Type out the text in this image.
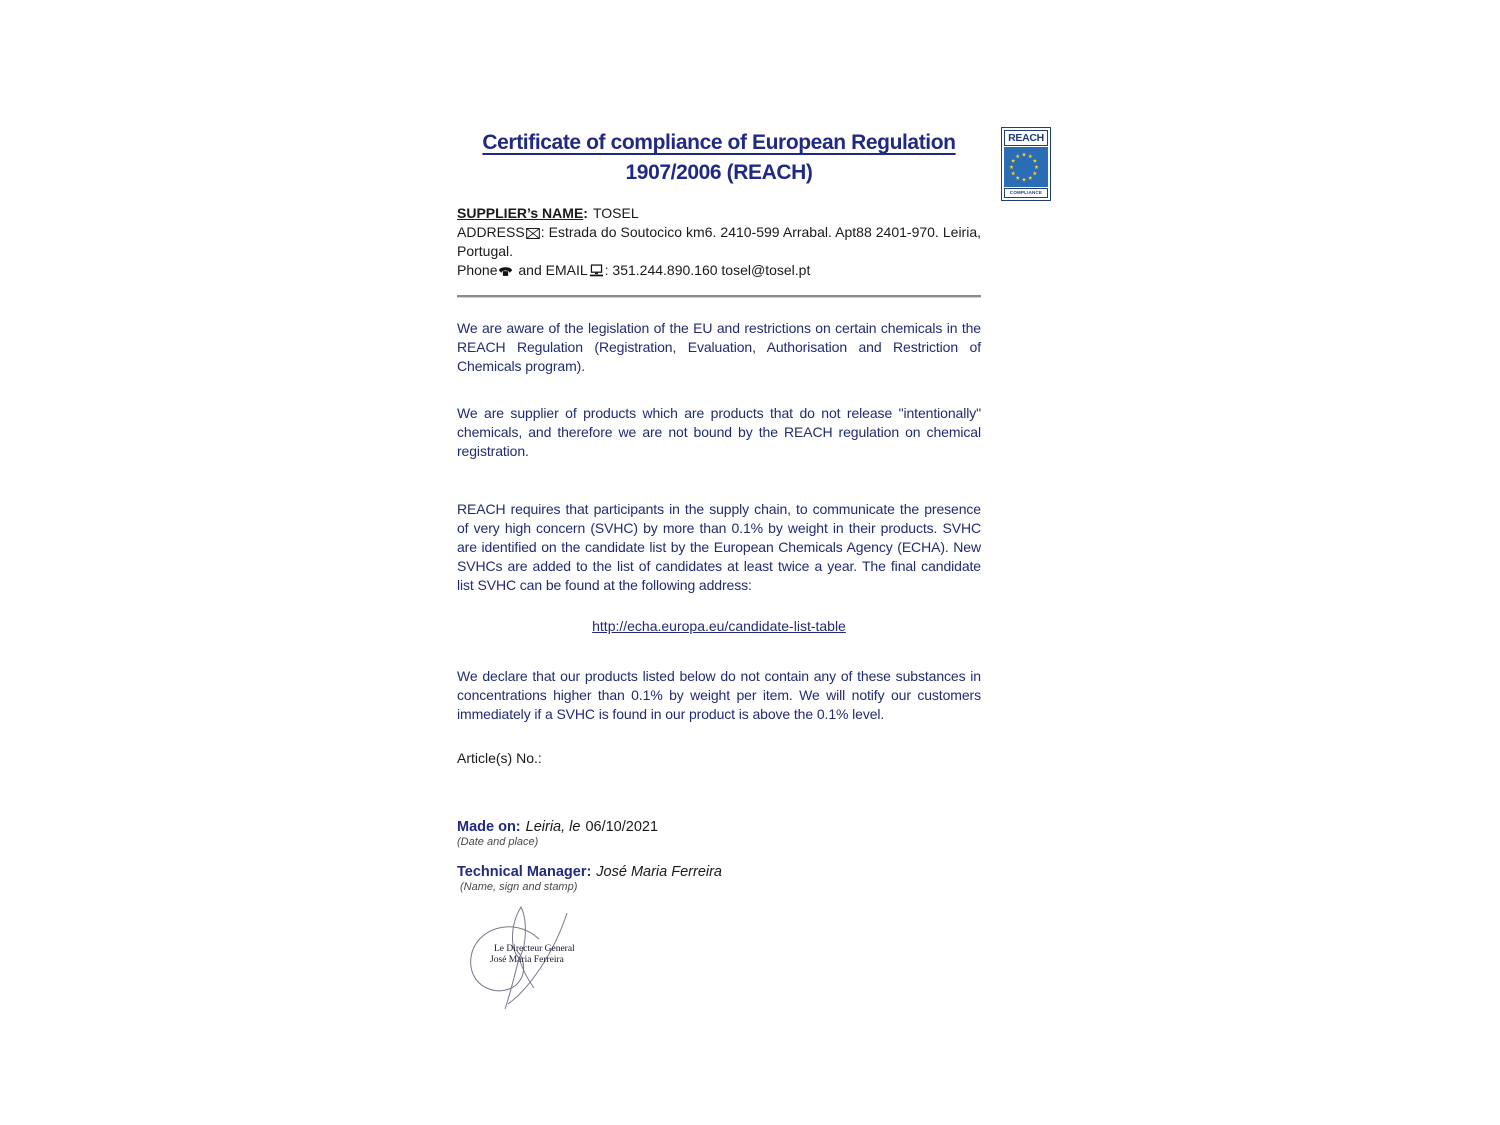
REACH
COMPLIANCE
Certificate of compliance of European Regulation
1907/2006 (REACH)
SUPPLIER’s NAME: TOSEL
ADDRESS : Estrada do Soutocico km6. 2410-599 Arrabal. Apt88 2401-970. Leiria, Portugal.
Phone and EMAIL : 351.244.890.160 tosel@tosel.pt
We are aware of the legislation of the EU and restrictions on certain chemicals in the REACH Regulation (Registration, Evaluation, Authorisation and Restriction of Chemicals program).
We are supplier of products which are products that do not release "intentionally" chemicals, and therefore we are not bound by the REACH regulation on chemical registration.
REACH requires that participants in the supply chain, to communicate the presence of very high concern (SVHC) by more than 0.1% by weight in their products. SVHC are identified on the candidate list by the European Chemicals Agency (ECHA). New SVHCs are added to the list of candidates at least twice a year. The final candidate list SVHC can be found at the following address:
http://echa.europa.eu/candidate-list-table
We declare that our products listed below do not contain any of these substances in concentrations higher than 0.1% by weight per item. We will notify our customers immediately if a SVHC is found in our product is above the 0.1% level.
Article(s) No.:
Made on: Leiria, le 06/10/2021
(Date and place)
Technical Manager: José Maria Ferreira
(Name, sign and stamp)
Le Directeur General
José Maria Ferreira
